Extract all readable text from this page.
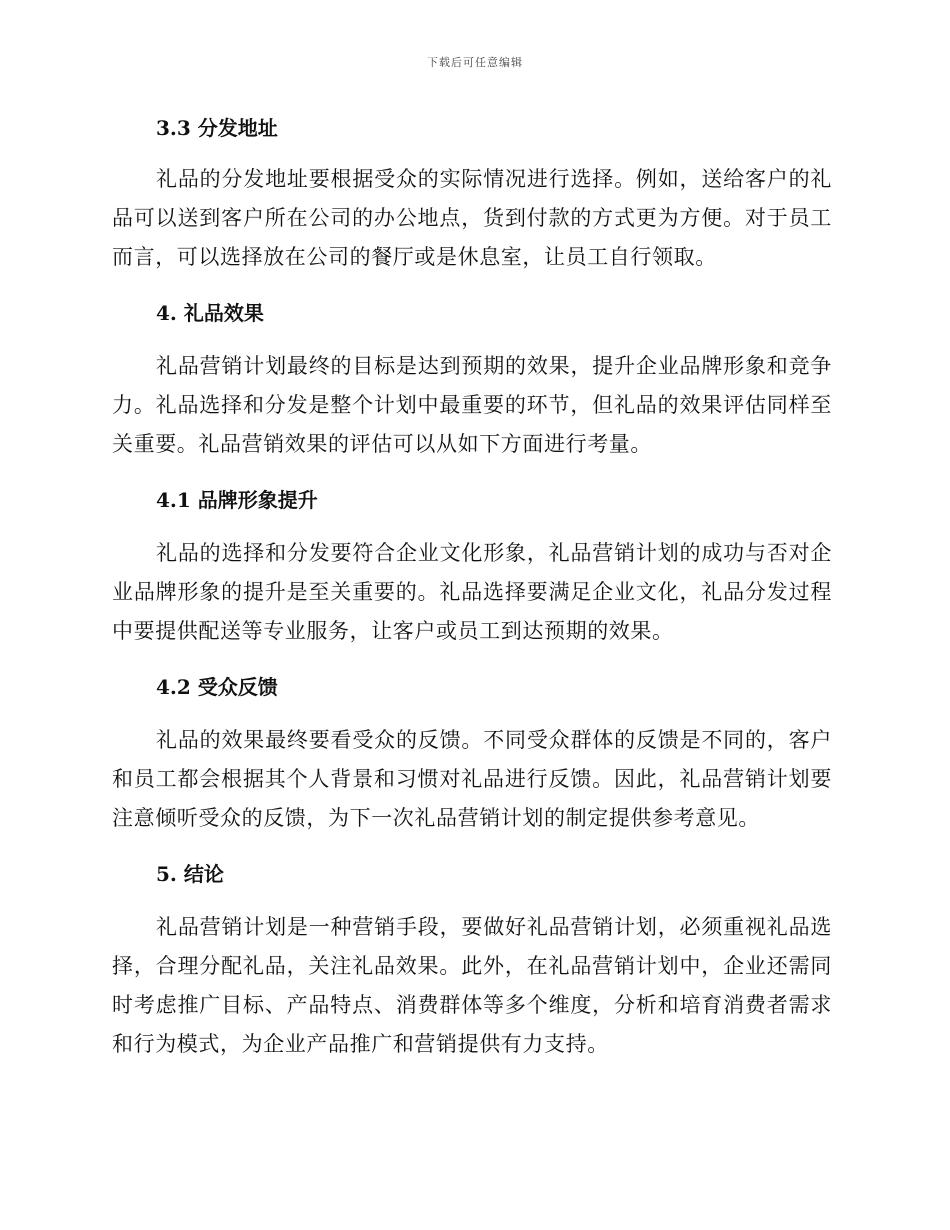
下载后可任意编辑
3.3 分发地址
礼品的分发地址要根据受众的实际情况进行选择。例如，送给客户的礼品可以送到客户所在公司的办公地点，货到付款的方式更为方便。对于员工而言，可以选择放在公司的餐厅或是休息室，让员工自行领取。
4. 礼品效果
礼品营销计划最终的目标是达到预期的效果，提升企业品牌形象和竞争力。礼品选择和分发是整个计划中最重要的环节，但礼品的效果评估同样至关重要。礼品营销效果的评估可以从如下方面进行考量。
4.1 品牌形象提升
礼品的选择和分发要符合企业文化形象，礼品营销计划的成功与否对企业品牌形象的提升是至关重要的。礼品选择要满足企业文化，礼品分发过程中要提供配送等专业服务，让客户或员工到达预期的效果。
4.2 受众反馈
礼品的效果最终要看受众的反馈。不同受众群体的反馈是不同的，客户和员工都会根据其个人背景和习惯对礼品进行反馈。因此，礼品营销计划要注意倾听受众的反馈，为下一次礼品营销计划的制定提供参考意见。
5. 结论
礼品营销计划是一种营销手段，要做好礼品营销计划，必须重视礼品选择，合理分配礼品，关注礼品效果。此外，在礼品营销计划中，企业还需同时考虑推广目标、产品特点、消费群体等多个维度，分析和培育消费者需求和行为模式，为企业产品推广和营销提供有力支持。
